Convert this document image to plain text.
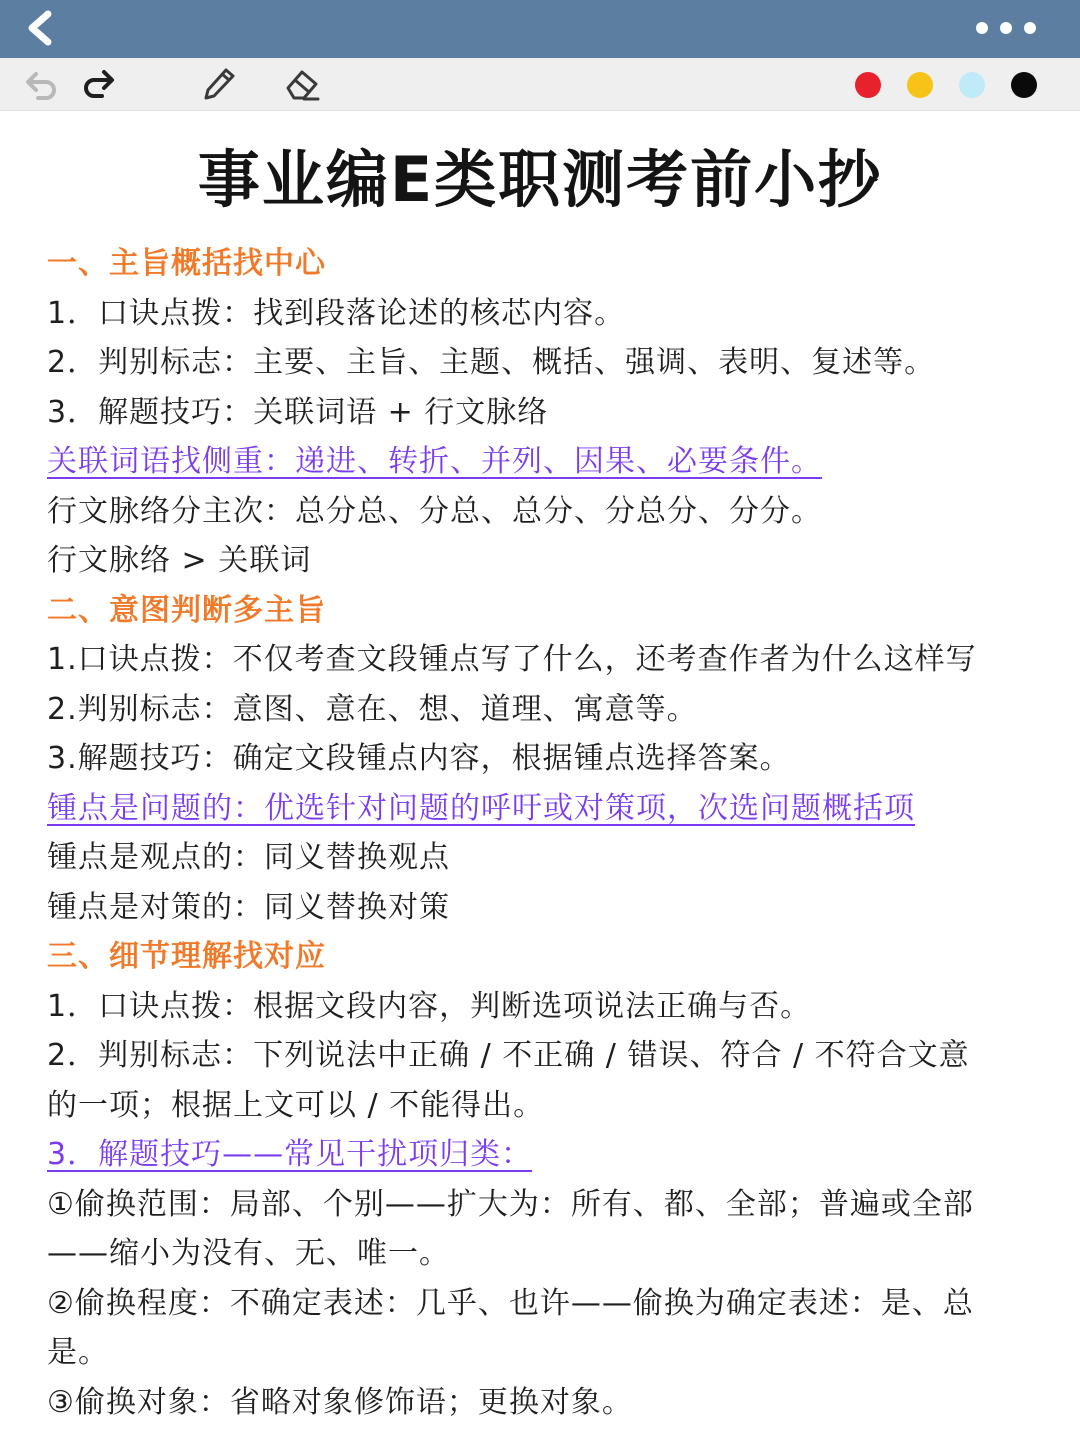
事业编E类职测考前小抄
一、主旨概括找中心
1．口诀点拨：找到段落论述的核芯内容。
2．判别标志：主要、主旨、主题、概括、强调、表明、复述等。
3．解题技巧：关联词语 + 行文脉络
关联词语找侧重：递进、转折、并列、因果、必要条件。
行文脉络分主次：总分总、分总、总分、分总分、分分。
行文脉络 > 关联词
二、意图判断多主旨
1.口诀点拨：不仅考查文段锺点写了什么，还考查作者为什么这样写
2.判别标志：意图、意在、想、道理、寓意等。
3.解题技巧：确定文段锺点内容，根据锺点选择答案。
锺点是问题的：优选针对问题的呼吁或对策项，次选问题概括项
锺点是观点的：同义替换观点
锺点是对策的：同义替换对策
三、细节理解找对应
1．口诀点拨：根据文段内容，判断选项说法正确与否。
2．判别标志：下列说法中正确 / 不正确 / 错误、符合 / 不符合文意
的一项；根据上文可以 / 不能得出。
3．解题技巧——常见干扰项归类：
①偷换范围：局部、个别——扩大为：所有、都、全部；普遍或全部
——缩小为没有、无、唯一。
②偷换程度：不确定表述：几乎、也许——偷换为确定表述：是、总
是。
③偷换对象：省略对象修饰语；更换对象。
